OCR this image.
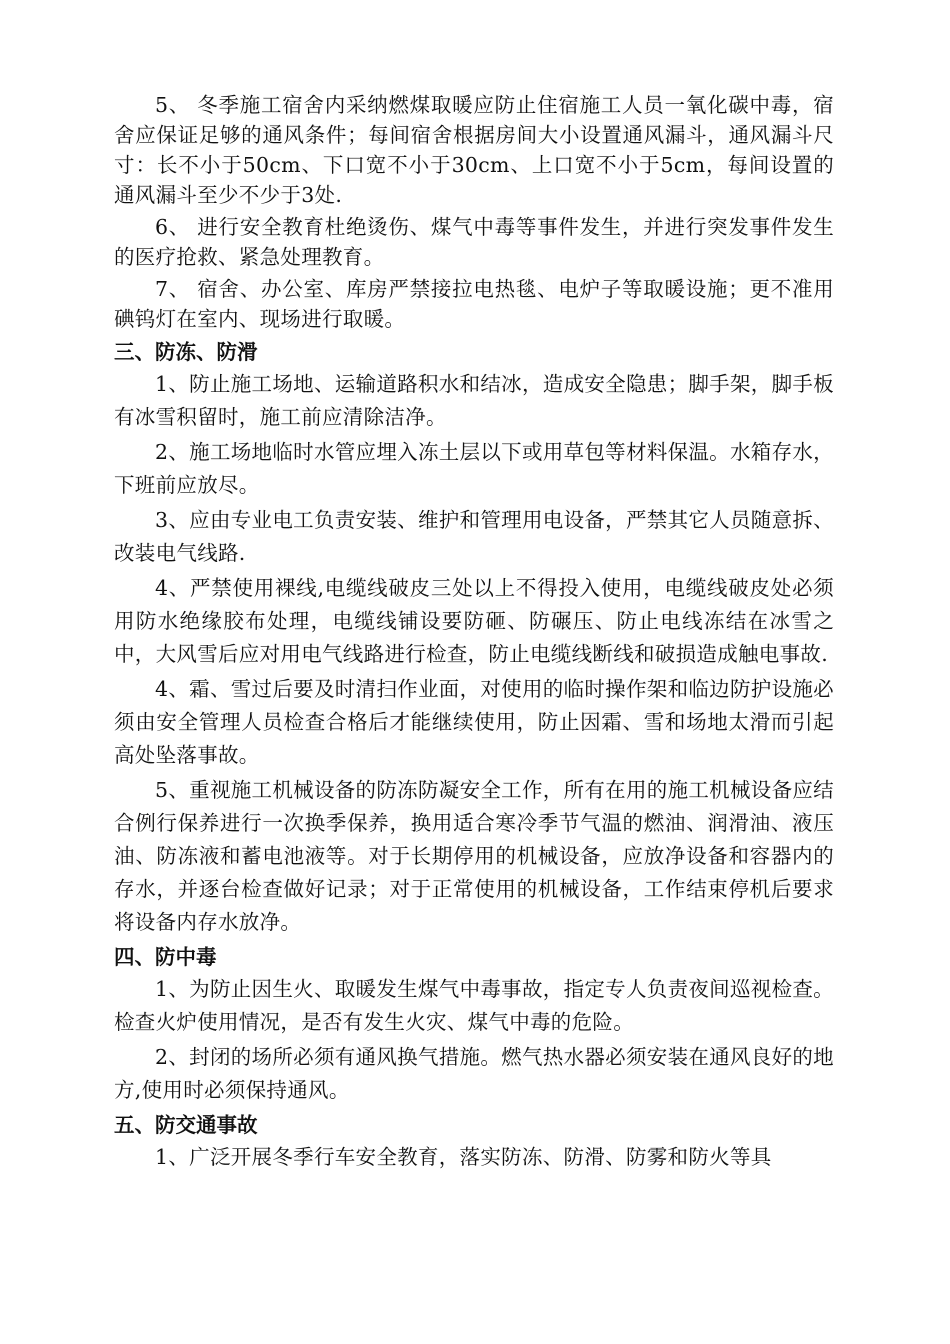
5、 冬季施工宿舍内采纳燃煤取暖应防止住宿施工人员一氧化碳中毒，宿舍应保证足够的通风条件；每间宿舍根据房间大小设置通风漏斗，通风漏斗尺寸：长不小于50cm、下口宽不小于30cm、上口宽不小于5cm，每间设置的通风漏斗至少不少于3处.

6、 进行安全教育杜绝烫伤、煤气中毒等事件发生，并进行突发事件发生的医疗抢救、紧急处理教育。

7、 宿舍、办公室、库房严禁接拉电热毯、电炉子等取暖设施；更不准用碘钨灯在室内、现场进行取暖。

三、防冻、防滑

1、防止施工场地、运输道路积水和结冰，造成安全隐患；脚手架，脚手板有冰雪积留时，施工前应清除洁净。

2、施工场地临时水管应埋入冻土层以下或用草包等材料保温。水箱存水，下班前应放尽。

3、应由专业电工负责安装、维护和管理用电设备，严禁其它人员随意拆、改装电气线路.

4、严禁使用裸线,电缆线破皮三处以上不得投入使用，电缆线破皮处必须用防水绝缘胶布处理，电缆线铺设要防砸、防碾压、防止电线冻结在冰雪之中，大风雪后应对用电气线路进行检查，防止电缆线断线和破损造成触电事故.

4、霜、雪过后要及时清扫作业面，对使用的临时操作架和临边防护设施必须由安全管理人员检查合格后才能继续使用，防止因霜、雪和场地太滑而引起高处坠落事故。

5、重视施工机械设备的防冻防凝安全工作，所有在用的施工机械设备应结合例行保养进行一次换季保养，换用适合寒冷季节气温的燃油、润滑油、液压油、防冻液和蓄电池液等。对于长期停用的机械设备，应放净设备和容器内的存水，并逐台检查做好记录；对于正常使用的机械设备，工作结束停机后要求将设备内存水放净。

四、防中毒

1、为防止因生火、取暖发生煤气中毒事故，指定专人负责夜间巡视检查。检查火炉使用情况，是否有发生火灾、煤气中毒的危险。

2、封闭的场所必须有通风换气措施。燃气热水器必须安装在通风良好的地方,使用时必须保持通风。

五、防交通事故

1、广泛开展冬季行车安全教育，落实防冻、防滑、防雾和防火等具
